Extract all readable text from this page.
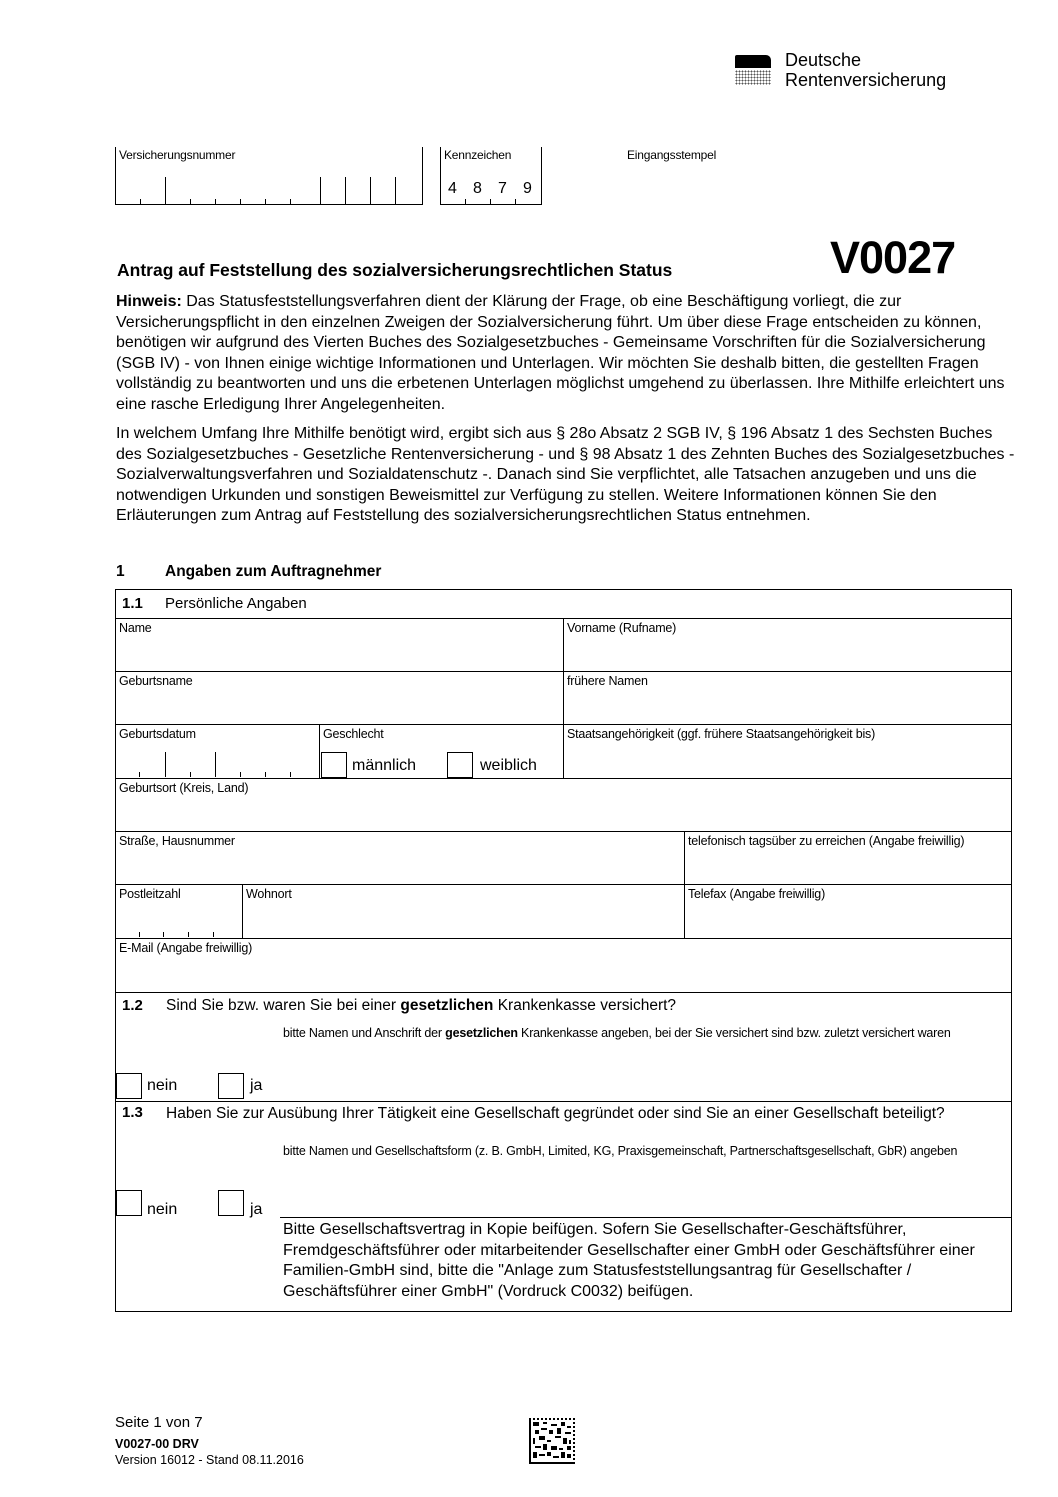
Deutsche
Rentenversicherung
Versicherungsnummer	Kennzeichen
4 8 7 9
Eingangsstempel
Antrag auf Feststellung des sozialversicherungsrechtlichen Status	V0027
Hinweis: Das Statusfeststellungsverfahren dient der Klärung der Frage, ob eine Beschäftigung vorliegt, die zur Versicherungspflicht in den einzelnen Zweigen der Sozialversicherung führt. Um über diese Frage entscheiden zu können, benötigen wir aufgrund des Vierten Buches des Sozialgesetzbuches - Gemeinsame Vorschriften für die Sozialversicherung (SGB IV) - von Ihnen einige wichtige Informationen und Unterlagen. Wir möchten Sie deshalb bitten, die gestellten Fragen vollständig zu beantworten und uns die erbetenen Unterlagen möglichst umgehend zu überlassen. Ihre Mithilfe erleichtert uns eine rasche Erledigung Ihrer Angelegenheiten.
In welchem Umfang Ihre Mithilfe benötigt wird, ergibt sich aus § 28o Absatz 2 SGB IV, § 196 Absatz 1 des Sechsten Buches des Sozialgesetzbuches - Gesetzliche Rentenversicherung - und § 98 Absatz 1 des Zehnten Buches des Sozialgesetzbuches - Sozialverwaltungsverfahren und Sozialdatenschutz -. Danach sind Sie verpflichtet, alle Tatsachen anzugeben und uns die notwendigen Urkunden und sonstigen Beweismittel zur Verfügung zu stellen. Weitere Informationen können Sie den Erläuterungen zum Antrag auf Feststellung des sozialversicherungsrechtlichen Status entnehmen.
1	Angaben zum Auftragnehmer
1.1 Persönliche Angaben
Name	Vorname (Rufname)
Geburtsname	frühere Namen
Geburtsdatum	Geschlecht
männlich	weiblich
Staatsangehörigkeit (ggf. frühere Staatsangehörigkeit bis)
Geburtsort (Kreis, Land)
Straße, Hausnummer	telefonisch tagsüber zu erreichen (Angabe freiwillig)
Postleitzahl	Wohnort	Telefax (Angabe freiwillig)
E-Mail (Angabe freiwillig)
1.2 Sind Sie bzw. waren Sie bei einer gesetzlichen Krankenkasse versichert?
bitte Namen und Anschrift der gesetzlichen Krankenkasse angeben, bei der Sie versichert sind bzw. zuletzt versichert waren
nein	ja
1.3	Haben Sie zur Ausübung Ihrer Tätigkeit eine Gesellschaft gegründet oder sind Sie an einer Gesellschaft beteiligt?
bitte Namen und Gesellschaftsform (z. B. GmbH, Limited, KG, Praxisgemeinschaft, Partnerschaftsgesellschaft, GbR) angeben
nein	ja
Bitte Gesellschaftsvertrag in Kopie beifügen. Sofern Sie Gesellschafter-Geschäftsführer, Fremdgeschäftsführer oder mitarbeitender Gesellschafter einer GmbH oder Geschäftsführer einer Familien-GmbH sind, bitte die "Anlage zum Statusfeststellungsantrag für Gesellschafter / Geschäftsführer einer GmbH" (Vordruck C0032) beifügen.
Seite 1 von 7
V0027-00 DRV
Version 16012 - Stand 08.11.2016
